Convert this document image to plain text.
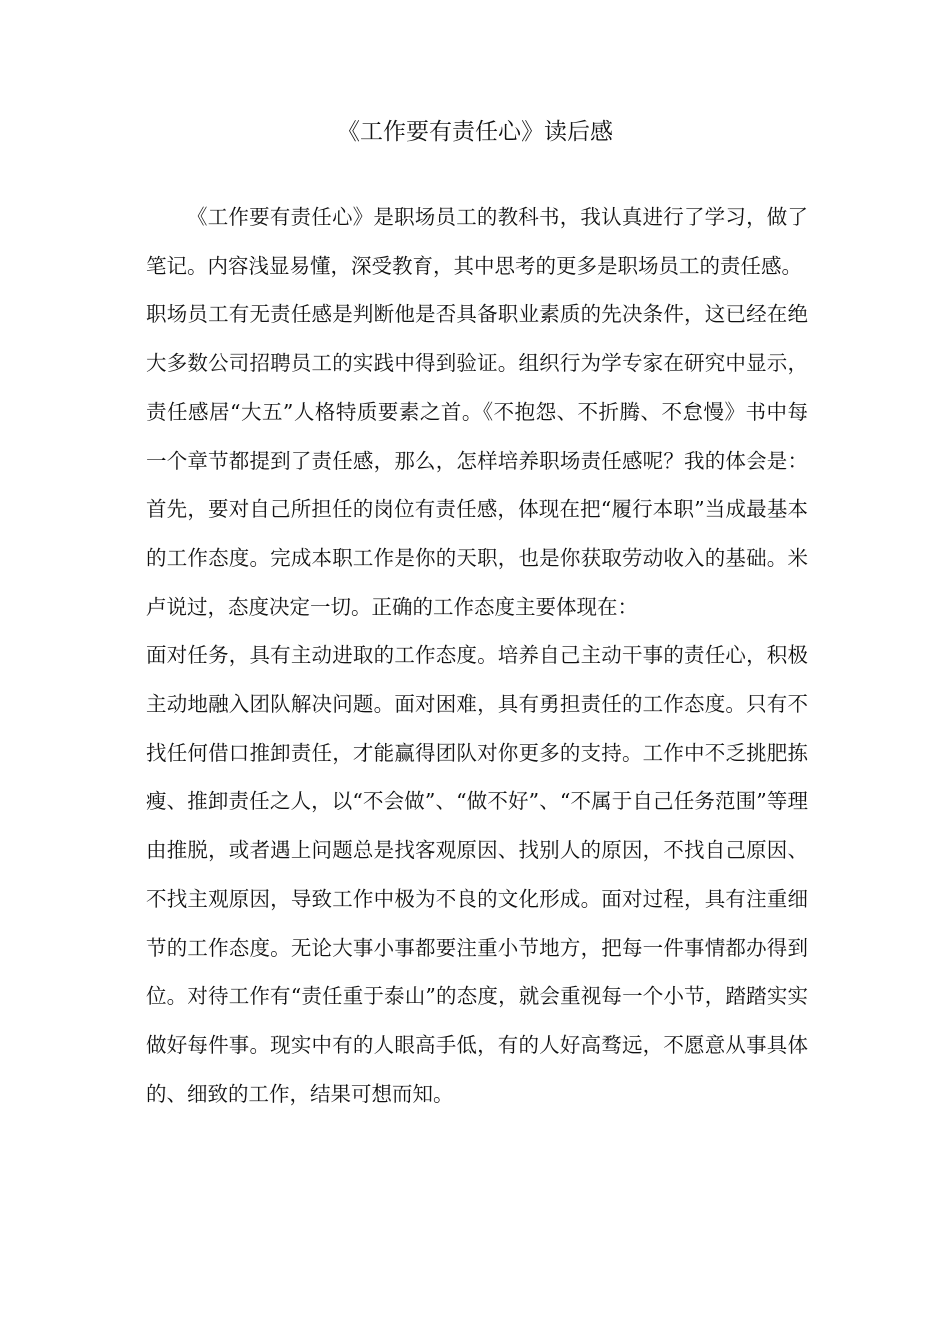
《工作要有责任心》读后感

《工作要有责任心》是职场员工的教科书，我认真进行了学习，做了笔记。内容浅显易懂，深受教育，其中思考的更多是职场员工的责任感。

职场员工有无责任感是判断他是否具备职业素质的先决条件，这已经在绝大多数公司招聘员工的实践中得到验证。组织行为学专家在研究中显示，责任感居“大五”人格特质要素之首。《不抱怨、不折腾、不怠慢》书中每一个章节都提到了责任感，那么，怎样培养职场责任感呢？我的体会是：首先，要对自己所担任的岗位有责任感，体现在把“履行本职”当成最基本的工作态度。完成本职工作是你的天职，也是你获取劳动收入的基础。米卢说过，态度决定一切。正确的工作态度主要体现在：

面对任务，具有主动进取的工作态度。培养自己主动干事的责任心，积极主动地融入团队解决问题。面对困难，具有勇担责任的工作态度。只有不找任何借口推卸责任，才能赢得团队对你更多的支持。工作中不乏挑肥拣瘦、推卸责任之人，以“不会做”、“做不好”、“不属于自己任务范围”等理由推脱，或者遇上问题总是找客观原因、找别人的原因，不找自己原因、不找主观原因，导致工作中极为不良的文化形成。面对过程，具有注重细节的工作态度。无论大事小事都要注重小节地方，把每一件事情都办得到位。对待工作有“责任重于泰山”的态度，就会重视每一个小节，踏踏实实做好每件事。现实中有的人眼高手低，有的人好高骛远，不愿意从事具体的、细致的工作，结果可想而知。
